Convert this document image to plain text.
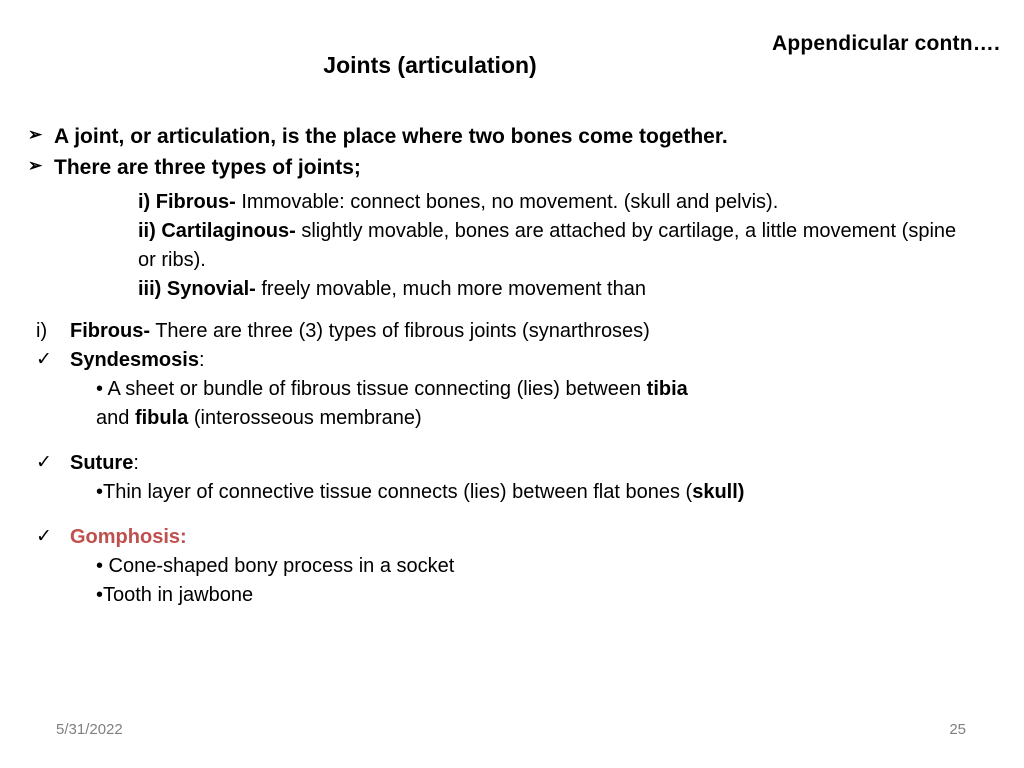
Appendicular contn….
Joints (articulation)
➢ A joint, or articulation, is the place where two bones come together.
➢ There are three types of joints;

i) Fibrous- Immovable: connect bones, no movement. (skull and pelvis).

ii) Cartilaginous- slightly movable, bones are attached by cartilage, a little movement (spine or ribs).

iii) Synovial- freely movable, much more movement than

i)	Fibrous- There are three (3) types of fibrous joints (synarthroses)
✓ Syndesmosis:

• A sheet or bundle of fibrous tissue connecting (lies) between tibia

and fibula (interosseous membrane)

✓ Suture:

•Thin layer of connective tissue connects (lies) between flat bones (skull)

✓ Gomphosis:

• Cone-shaped bony process in a socket

•Tooth in jawbone

5/31/2022	25
